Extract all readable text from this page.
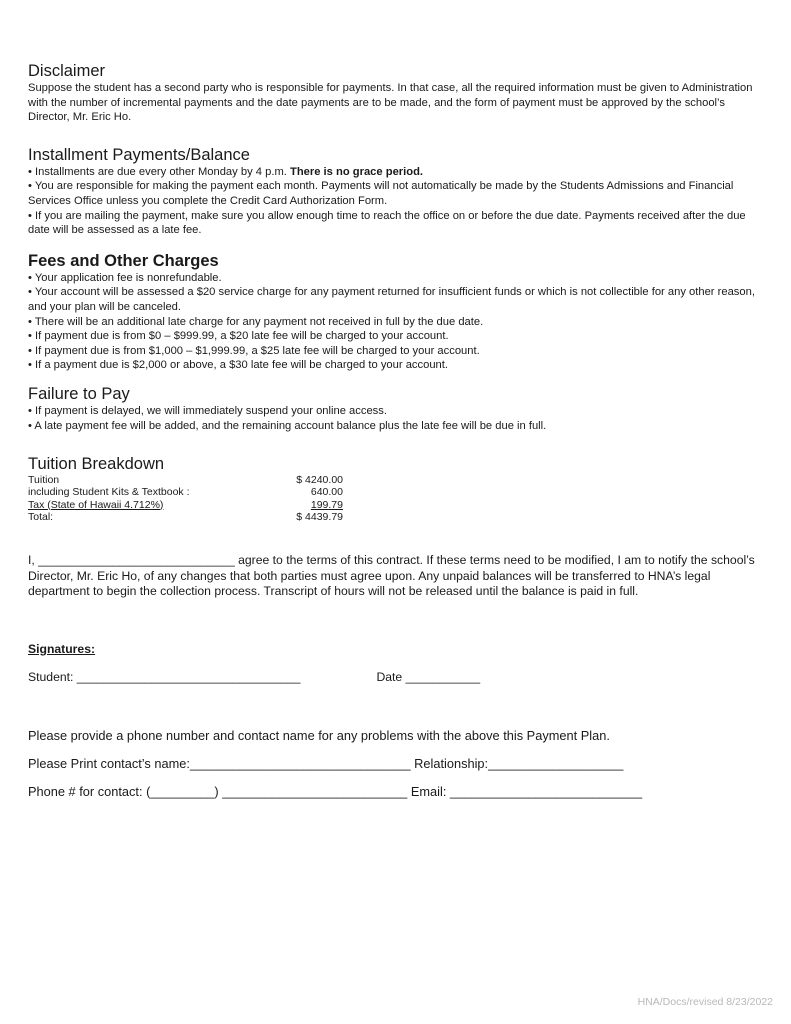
Disclaimer

Suppose the student has a second party who is responsible for payments. In that case, all the required information must be given to Administration with the number of incremental payments and the date payments are to be made, and the form of payment must be approved by the school’s Director, Mr. Eric Ho.

Installment Payments/Balance

• Installments are due every other Monday by 4 p.m. There is no grace period.

• You are responsible for making the payment each month. Payments will not automatically be made by the Students Admissions and Financial Services Office unless you complete the Credit Card Authorization Form.

• If you are mailing the payment, make sure you allow enough time to reach the office on or before the due date. Payments received after the due date will be assessed as a late fee.

Fees and Other Charges

• Your application fee is nonrefundable.

• Your account will be assessed a $20 service charge for any payment returned for insufficient funds or which is not collectible for any other reason, and your plan will be canceled.

• There will be an additional late charge for any payment not received in full by the due date.

• If payment due is from $0 – $999.99, a $20 late fee will be charged to your account.

• If payment due is from $1,000 – $1,999.99, a $25 late fee will be charged to your account.

• If a payment due is $2,000 or above, a $30 late fee will be charged to your account.

Failure to Pay

• If payment is delayed, we will immediately suspend your online access.

• A late payment fee will be added, and the remaining account balance plus the late fee will be due in full.

Tuition Breakdown
Tuition	$ 4240.00
including Student Kits & Textbook :	640.00
Tax (State of Hawaii 4.712%)	199.79
Total:	$ 4439.79

I, _____________________________ agree to the terms of this contract. If these terms need to be modified, I am to notify the school’s Director, Mr. Eric Ho, of any changes that both parties must agree upon. Any unpaid balances will be transferred to HNA’s legal department to begin the collection process. Transcript of hours will not be released until the balance is paid in full.

Signatures:
Student: _________________________________	Date ___________
Please provide a phone number and contact name for any problems with the above this Payment Plan.
Please Print contact’s name:_______________________________ Relationship:___________________
Phone # for contact: (_________) __________________________ Email: ___________________________
HNA/Docs/revised 8/23/2022
